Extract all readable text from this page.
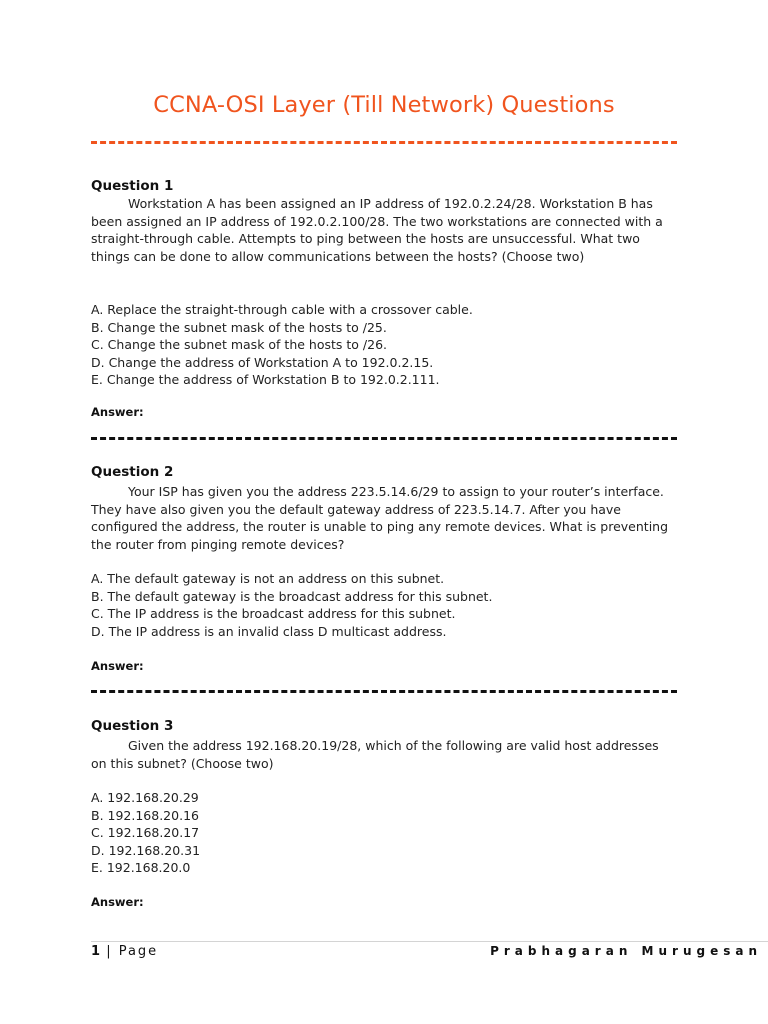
CCNA-OSI Layer (Till Network) Questions
Question 1
Workstation A has been assigned an IP address of 192.0.2.24/28. Workstation B has been assigned an IP address of 192.0.2.100/28. The two workstations are connected with a straight-through cable. Attempts to ping between the hosts are unsuccessful. What two things can be done to allow communications between the hosts? (Choose two)
A. Replace the straight-through cable with a crossover cable.
B. Change the subnet mask of the hosts to /25.
C. Change the subnet mask of the hosts to /26.
D. Change the address of Workstation A to 192.0.2.15.
E. Change the address of Workstation B to 192.0.2.111.
Answer:
Question 2
Your ISP has given you the address 223.5.14.6/29 to assign to your router’s interface. They have also given you the default gateway address of 223.5.14.7. After you have configured the address, the router is unable to ping any remote devices. What is preventing the router from pinging remote devices?
A. The default gateway is not an address on this subnet.
B. The default gateway is the broadcast address for this subnet.
C. The IP address is the broadcast address for this subnet.
D. The IP address is an invalid class D multicast address.
Answer:
Question 3
Given the address 192.168.20.19/28, which of the following are valid host addresses on this subnet? (Choose two)
A. 192.168.20.29
B. 192.168.20.16
C. 192.168.20.17
D. 192.168.20.31
E. 192.168.20.0
Answer:
1 | Page	Prabhagaran Murugesan
